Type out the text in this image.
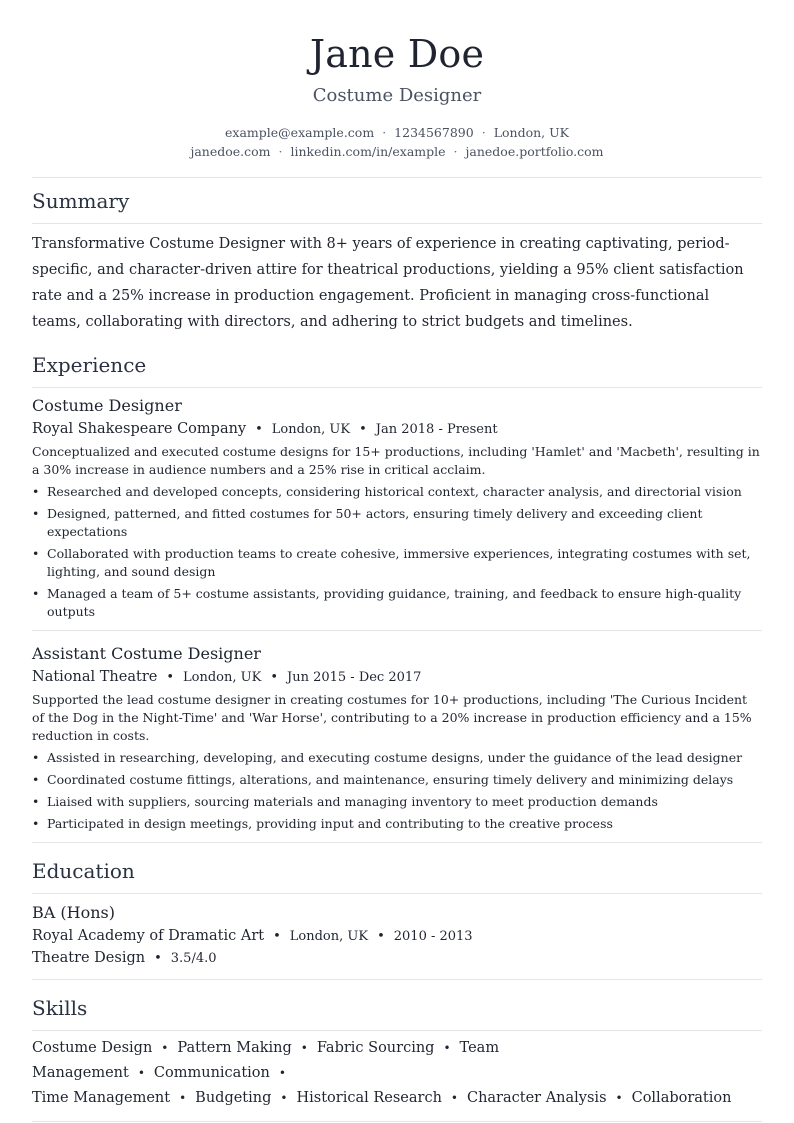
Jane Doe
Costume Designer
example@example.com · 1234567890 · London, UK
janedoe.com · linkedin.com/in/example · janedoe.portfolio.com
Summary
Transformative Costume Designer with 8+ years of experience in creating captivating, period-specific, and character-driven attire for theatrical productions, yielding a 95% client satisfaction rate and a 25% increase in production engagement. Proficient in managing cross-functional teams, collaborating with directors, and adhering to strict budgets and timelines.
Experience
Costume Designer
Royal Shakespeare Company • London, UK • Jan 2018 - Present
Conceptualized and executed costume designs for 15+ productions, including 'Hamlet' and 'Macbeth', resulting in a 30% increase in audience numbers and a 25% rise in critical acclaim.
• Researched and developed concepts, considering historical context, character analysis, and directorial vision
• Designed, patterned, and fitted costumes for 50+ actors, ensuring timely delivery and exceeding client expectations
• Collaborated with production teams to create cohesive, immersive experiences, integrating costumes with set, lighting, and sound design
• Managed a team of 5+ costume assistants, providing guidance, training, and feedback to ensure high-quality outputs
Assistant Costume Designer
National Theatre • London, UK • Jun 2015 - Dec 2017
Supported the lead costume designer in creating costumes for 10+ productions, including 'The Curious Incident of the Dog in the Night-Time' and 'War Horse', contributing to a 20% increase in production efficiency and a 15% reduction in costs.
• Assisted in researching, developing, and executing costume designs, under the guidance of the lead designer
• Coordinated costume fittings, alterations, and maintenance, ensuring timely delivery and minimizing delays
• Liaised with suppliers, sourcing materials and managing inventory to meet production demands
• Participated in design meetings, providing input and contributing to the creative process
Education
BA (Hons)
Royal Academy of Dramatic Art • London, UK • 2010 - 2013
Theatre Design • 3.5/4.0
Skills
Costume Design • Pattern Making • Fabric Sourcing • Team Management • Communication •
Time Management • Budgeting • Historical Research • Character Analysis • Collaboration
